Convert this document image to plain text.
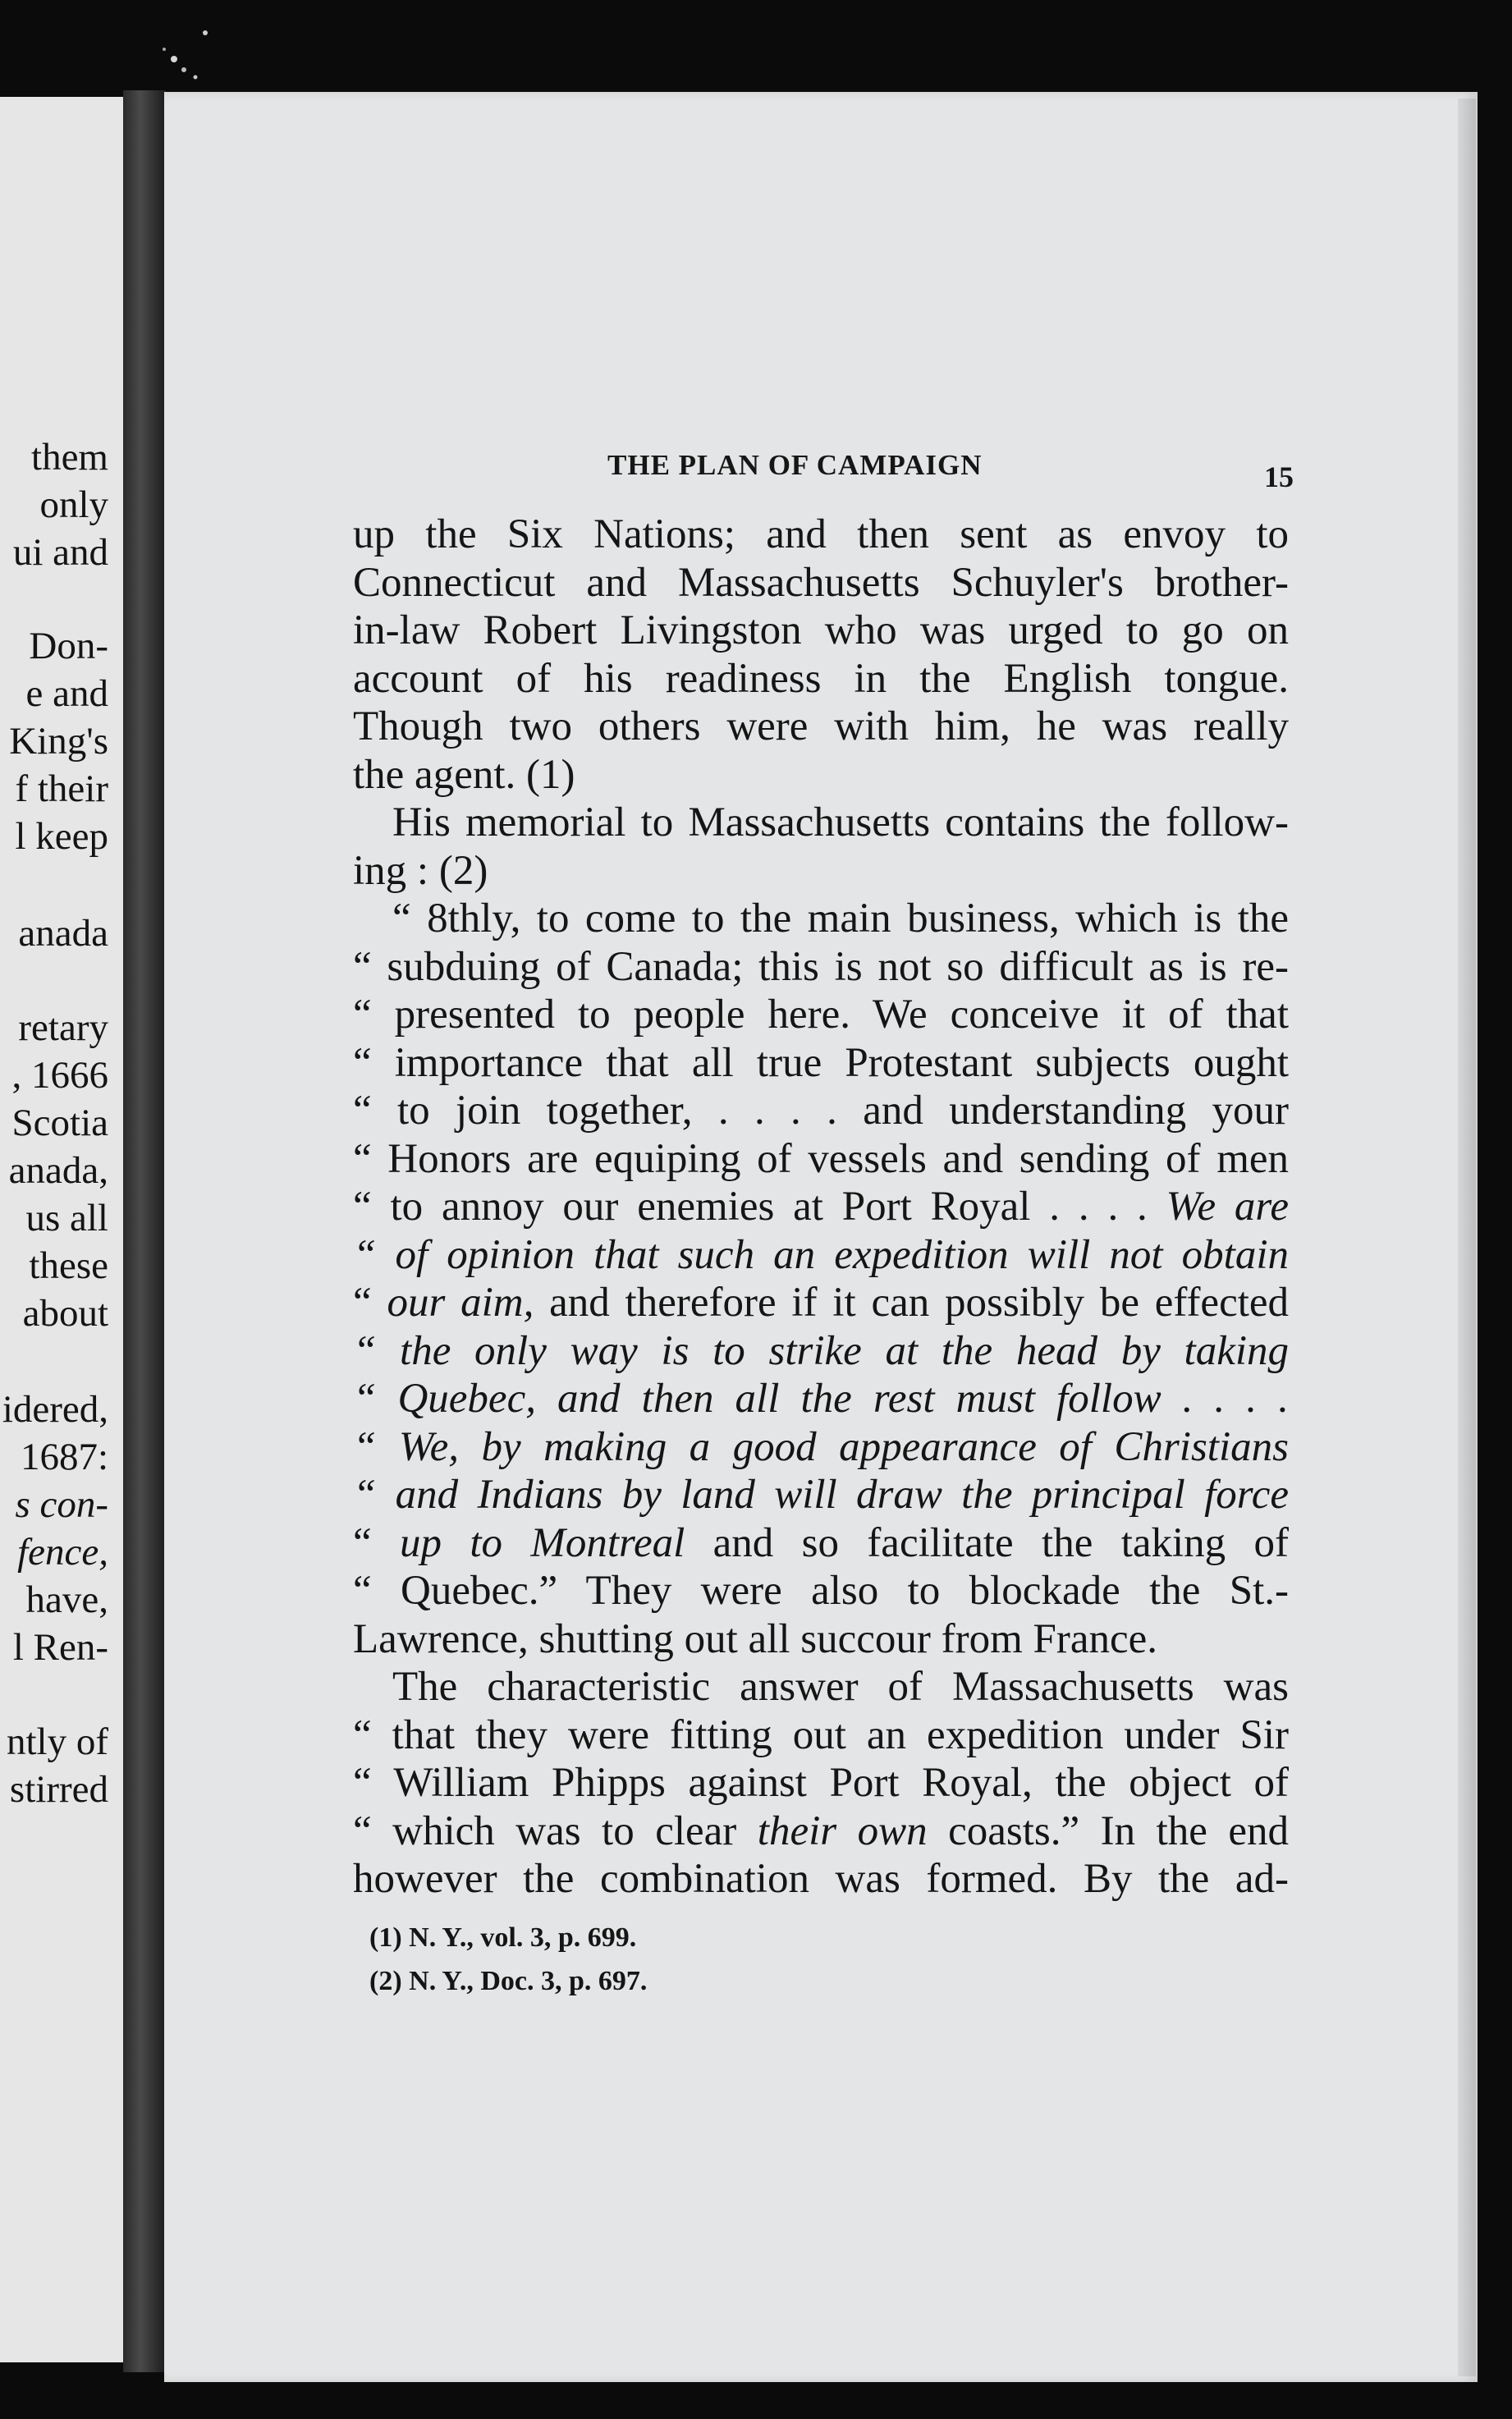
them
only
ui and
Don-
e and
King's
f their
l keep
anada
retary
, 1666
Scotia
anada,
us all
these
about
idered,
1687:
s con-
fence,
have,
l Ren-
ntly of
stirred
THE PLAN OF CAMPAIGN	15
up the Six Nations; and then sent as envoy to
Connecticut and Massachusetts Schuyler's brother-
in-law Robert Livingston who was urged to go on
account of his readiness in the English tongue.
Though two others were with him, he was really
the agent. (1)
His memorial to Massachusetts contains the follow-
ing : (2)
“ 8thly, to come to the main business, which is the
“ subduing of Canada; this is not so difficult as is re-
“ presented to people here. We conceive it of that
“ importance that all true Protestant subjects ought
“ to join together, . . . . and understanding your
“ Honors are equiping of vessels and sending of men
“ to annoy our enemies at Port Royal . . . . We are
“ of opinion that such an expedition will not obtain
“ our aim, and therefore if it can possibly be effected
“ the only way is to strike at the head by taking
“ Quebec, and then all the rest must follow . . . .
“ We, by making a good appearance of Christians
“ and Indians by land will draw the principal force
“ up to Montreal and so facilitate the taking of
“ Quebec.” They were also to blockade the St.-
Lawrence, shutting out all succour from France.
The characteristic answer of Massachusetts was
“ that they were fitting out an expedition under Sir
“ William Phipps against Port Royal, the object of
“ which was to clear their own coasts.” In the end
however the combination was formed. By the ad-
(1) N. Y., vol. 3, p. 699.
(2) N. Y., Doc. 3, p. 697.
